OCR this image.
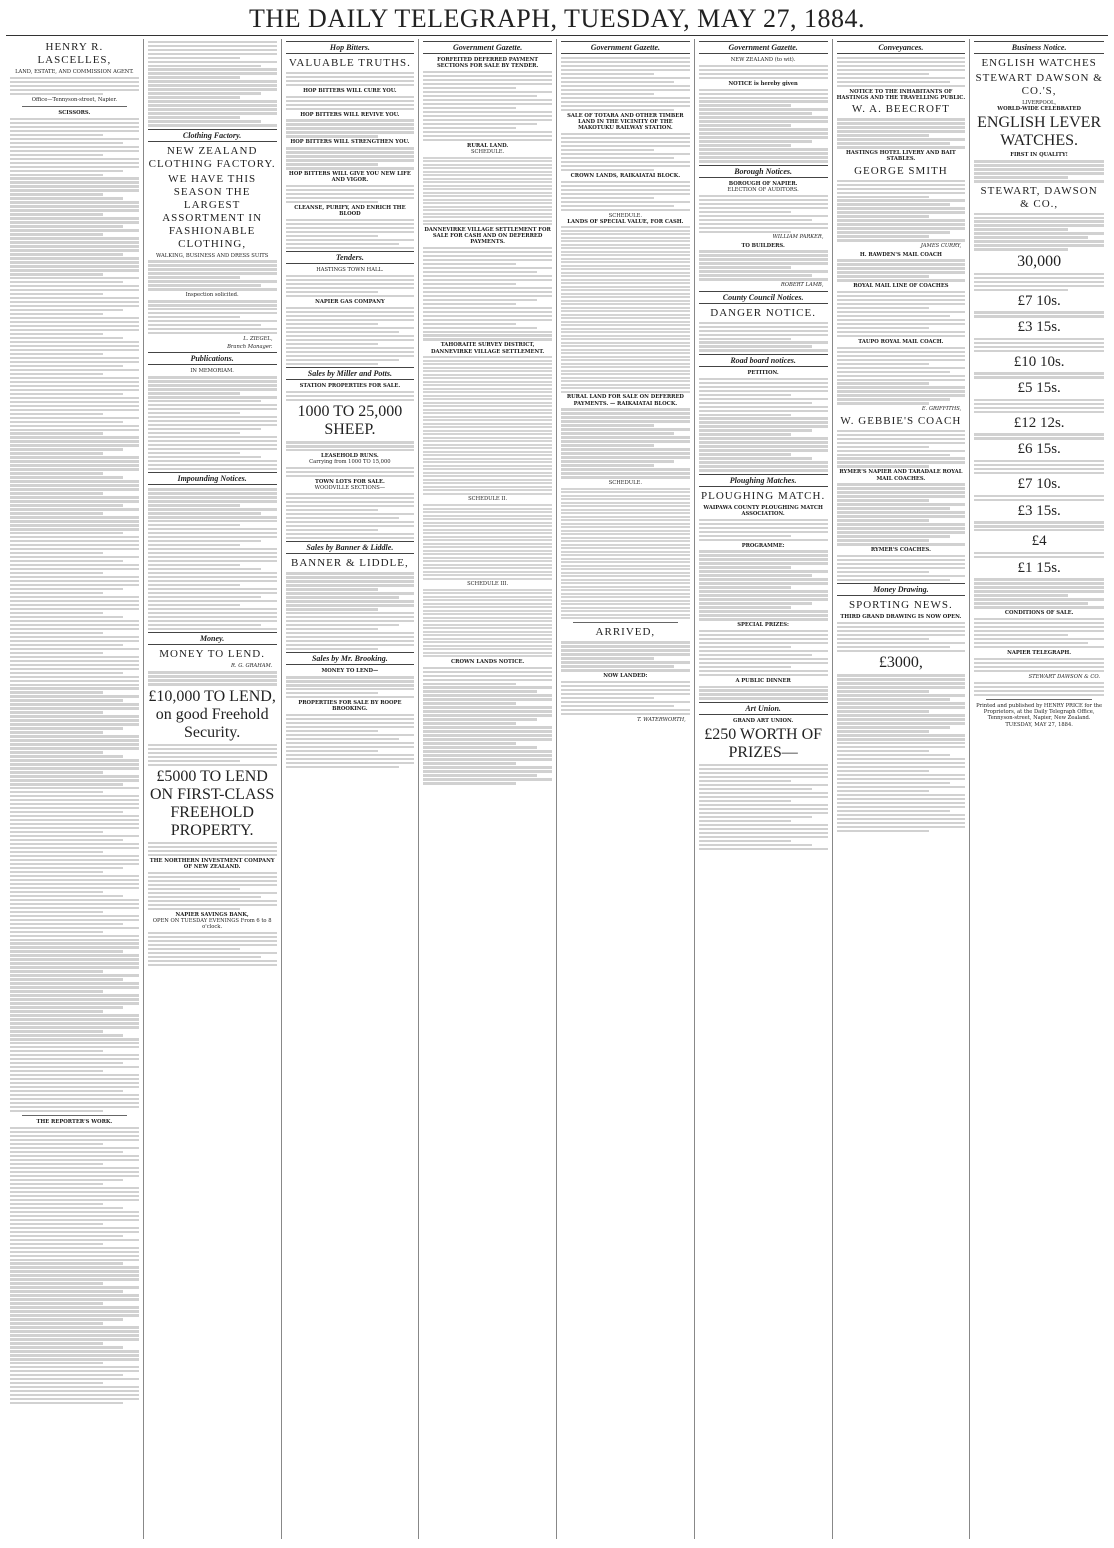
THE DAILY TELEGRAPH, TUESDAY, MAY 27, 1884.
HENRY R. LASCELLES,
LAND, ESTATE, AND COMMISSION AGENT.
Office—Tennyson-street, Napier.
SCISSORS.
THE REPORTER'S WORK.
Clothing Factory.
NEW ZEALAND CLOTHING FACTORY.
WE HAVE THIS SEASON THE LARGEST ASSORTMENT IN FASHIONABLE CLOTHING,
WALKING, BUSINESS AND DRESS SUITS
Inspection solicited.
L. ZIEGEL,
Branch Manager.
Publications.
IN MEMORIAM.
Impounding Notices.
Money.
MONEY TO LEND.
R. G. GRAHAM.
£10,000 TO LEND, on good Freehold Security.
£5000 TO LEND ON FIRST-CLASS FREEHOLD PROPERTY.
THE NORTHERN INVESTMENT COMPANY OF NEW ZEALAND.
NAPIER SAVINGS BANK,
OPEN ON TUESDAY EVENINGS From 6 to 8 o'clock.
Hop Bitters.
VALUABLE TRUTHS.
HOP BITTERS WILL CURE YOU.
HOP BITTERS WILL REVIVE YOU.
HOP BITTERS WILL STRENGTHEN YOU.
HOP BITTERS WILL GIVE YOU NEW LIFE AND VIGOR.
CLEANSE, PURIFY, AND ENRICH THE BLOOD
Tenders.
HASTINGS TOWN HALL.
NAPIER GAS COMPANY
Sales by Miller and Potts.
STATION PROPERTIES FOR SALE.
1000 TO 25,000 SHEEP.
LEASEHOLD RUNS.
Carrying from 1000 TO 15,000
TOWN LOTS FOR SALE.
WOODVILLE SECTIONS—
Sales by Banner & Liddle.
BANNER & LIDDLE,
Sales by Mr. Brooking.
MONEY TO LEND—
PROPERTIES FOR SALE BY ROOPE BROOKING.
Government Gazette.
FORFEITED DEFERRED PAYMENT SECTIONS FOR SALE BY TENDER.
RURAL LAND.
SCHEDULE.
DANNEVIRKE VILLAGE SETTLEMENT FOR SALE FOR CASH AND ON DEFERRED PAYMENTS.
TAHORAITE SURVEY DISTRICT, DANNEVIRKE VILLAGE SETTLEMENT.
SCHEDULE II.
SCHEDULE III.
CROWN LANDS NOTICE.
Government Gazette.
SALE OF TOTARA AND OTHER TIMBER LAND IN THE VICINITY OF THE MAKOTUKU RAILWAY STATION.
CROWN LANDS, RAIKAIATAI BLOCK.
SCHEDULE.
LANDS OF SPECIAL VALUE, FOR CASH.
RURAL LAND FOR SALE ON DEFERRED PAYMENTS. — RAIKAIATAI BLOCK.
SCHEDULE.
ARRIVED,
NOW LANDED:
T. WATERWORTH,
Government Gazette.
NEW ZEALAND (to wit).
NOTICE is hereby given
Borough Notices.
BOROUGH OF NAPIER.
ELECTION OF AUDITORS.
WILLIAM PARKER,
TO BUILDERS.
ROBERT LAMB,
County Council Notices.
DANGER NOTICE.
Road board notices.
PETITION.
Ploughing Matches.
PLOUGHING MATCH.
WAIPAWA COUNTY PLOUGHING MATCH ASSOCIATION.
PROGRAMME:
SPECIAL PRIZES:
A PUBLIC DINNER
Art Union.
GRAND ART UNION.
£250 WORTH OF PRIZES—
Conveyances.
NOTICE TO THE INHABITANTS OF HASTINGS AND THE TRAVELLING PUBLIC.
W. A. BEECROFT
HASTINGS HOTEL LIVERY AND BAIT STABLES.
GEORGE SMITH
JAMES CURRY,
H. RAWDEN'S MAIL COACH
ROYAL MAIL LINE OF COACHES
TAUPO ROYAL MAIL COACH.
E. GRIFFITHS,
W. GEBBIE'S COACH
RYMER'S NAPIER AND TARADALE ROYAL MAIL COACHES.
RYMER'S COACHES.
Money Drawing.
SPORTING NEWS.
THIRD GRAND DRAWING IS NOW OPEN.
£3000,
Business Notice.
ENGLISH WATCHES
STEWART DAWSON & CO.'S,
LIVERPOOL,
WORLD-WIDE CELEBRATED
ENGLISH LEVER WATCHES.
FIRST IN QUALITY!
STEWART, DAWSON & CO.,
30,000
£7 10s.
£3 15s.
£10 10s.
£5 15s.
£12 12s.
£6 15s.
£7 10s.
£3 15s.
£4
£1 15s.
CONDITIONS OF SALE.
NAPIER TELEGRAPH.
STEWART DAWSON & CO.
Printed and published by HENRY PRICE for the Proprietors, at the Daily Telegraph Office, Tennyson-street, Napier, New Zealand.
TUESDAY, MAY 27, 1884.
